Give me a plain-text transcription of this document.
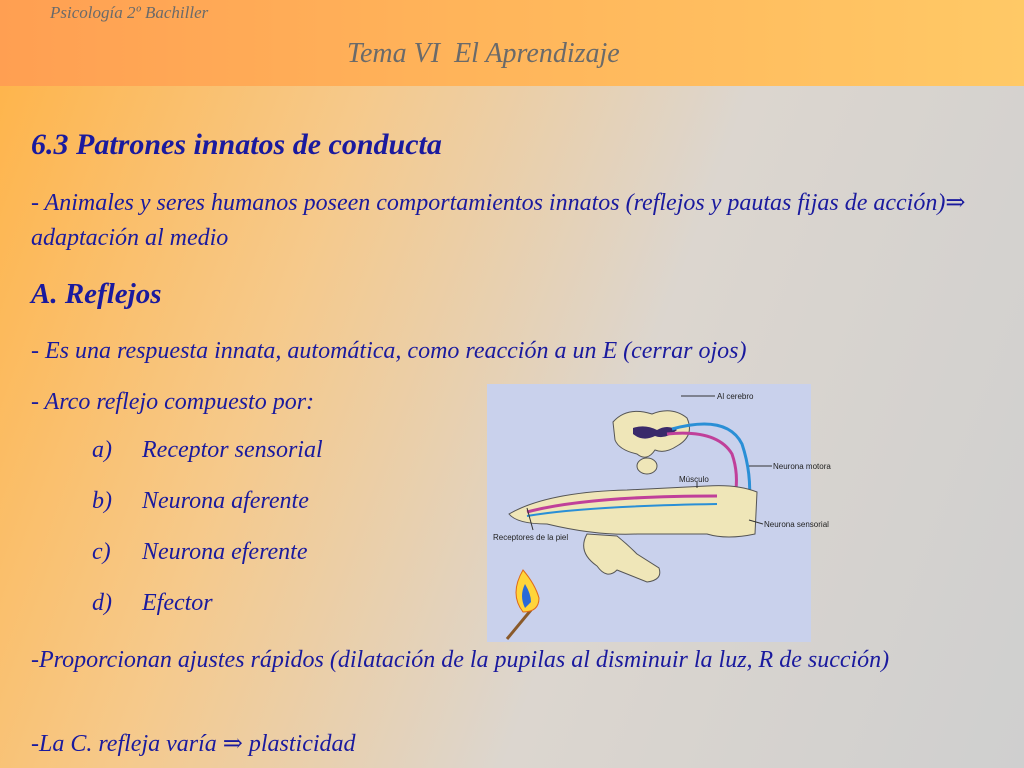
Psicología 2º Bachiller
Tema VI  El Aprendizaje
6.3 Patrones innatos de conducta
- Animales y seres humanos poseen comportamientos innatos (reflejos y pautas fijas de acción)⇒ adaptación al medio
A. Reflejos
- Es una respuesta innata, automática, como reacción a un E (cerrar ojos)
- Arco reflejo compuesto por:
a) Receptor sensorial
b) Neurona aferente
c) Neurona eferente
d) Efector
-Proporcionan ajustes rápidos (dilatación de la pupilas al disminuir la luz, R de succión)
-La C. refleja varía ⇒ plasticidad
Al cerebro
Neurona motora
Músculo
Receptores de la piel
Neurona sensorial
